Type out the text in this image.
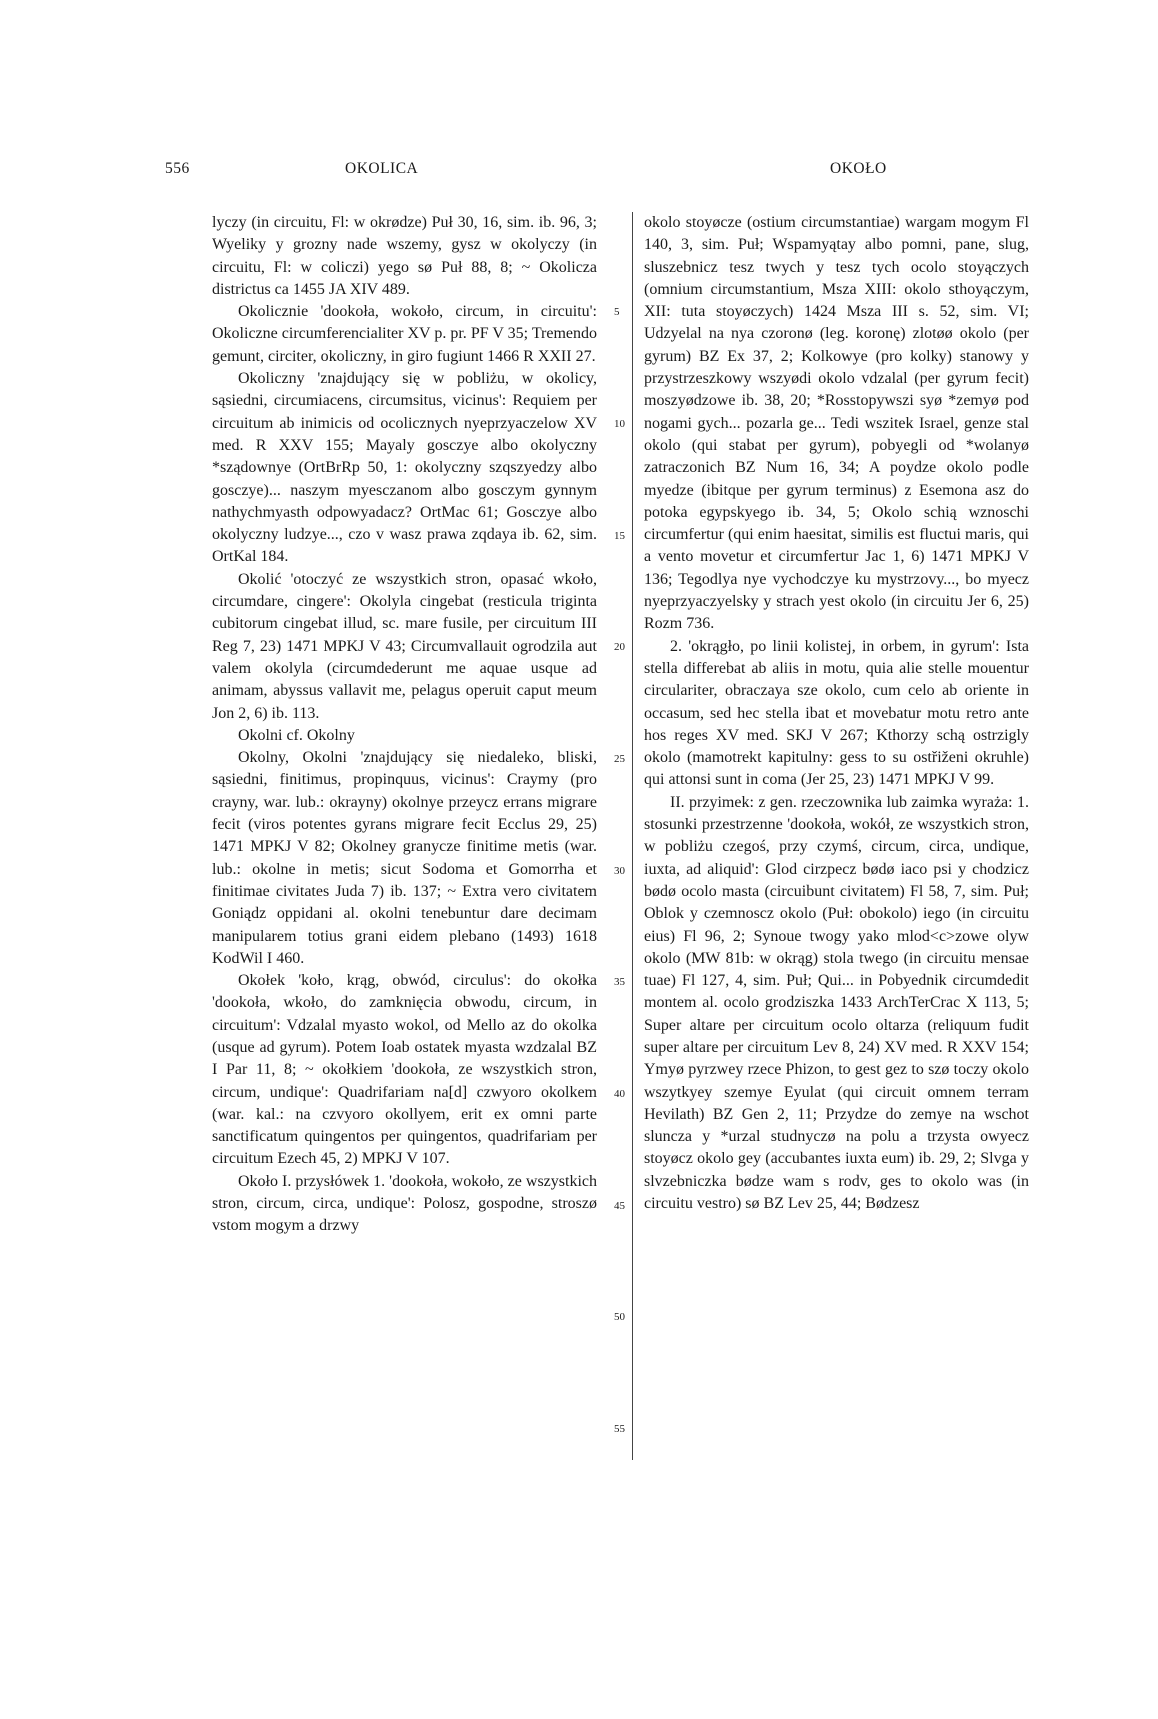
556	OKOLICA	OKOŁO

lyczy (in circuitu, Fl: w okrødze) Puł 30, 16, sim. ib. 96, 3; Wyeliky y grozny nade wszemy, gysz w okolyczy (in circuitu, Fl: w coliczi) yego sø Puł 88, 8; ~ Okolicza districtus ca 1455 JA XIV 489.

Okolicznie 'dookoła, wokoło, circum, in circuitu': Okoliczne circumferencialiter XV p. pr. PF V 35; Tremendo gemunt, circiter, okoliczny, in giro fugiunt 1466 R XXII 27.

Okoliczny 'znajdujący się w pobliżu, w okolicy, sąsiedni, circumiacens, circumsitus, vicinus': Requiem per circuitum ab inimicis od ocolicznych nyeprzyaczelow XV med. R XXV 155; Mayaly gosczye albo okolyczny *sządownye (OrtBrRp 50, 1: okolyczny szqszyedzy albo gosczye)... naszym myesczanom albo gosczym gynnym nathychmyasth odpowyadacz? OrtMac 61; Gosczye albo okolyczny ludzye..., czo v wasz prawa zqdaya ib. 62, sim. OrtKal 184.

Okolić 'otoczyć ze wszystkich stron, opasać wkoło, circumdare, cingere': Okolyla cingebat (resticula triginta cubitorum cingebat illud, sc. mare fusile, per circuitum III Reg 7, 23) 1471 MPKJ V 43; Circumvallauit ogrodzila aut valem okolyla (circumdederunt me aquae usque ad animam, abyssus vallavit me, pelagus operuit caput meum Jon 2, 6) ib. 113.

Okolni cf. Okolny

Okolny, Okolni 'znajdujący się niedaleko, bliski, sąsiedni, finitimus, propinquus, vicinus': Craymy (pro crayny, war. lub.: okrayny) okolnye przeycz errans migrare fecit (viros potentes gyrans migrare fecit Ecclus 29, 25) 1471 MPKJ V 82; Okolney granycze finitime metis (war. lub.: okolne in metis; sicut Sodoma et Gomorrha et finitimae civitates Juda 7) ib. 137; ~ Extra vero civitatem Goniądz oppidani al. okolni tenebuntur dare decimam manipularem totius grani eidem plebano (1493) 1618 KodWil I 460.

Okołek 'koło, krąg, obwód, circulus': do okołka 'dookoła, wkoło, do zamknięcia obwodu, circum, in circuitum': Vdzalal myasto wokol, od Mello az do okolka (usque ad gyrum). Potem Ioab ostatek myasta wzdzalal BZ I Par 11, 8; ~ okołkiem 'dookoła, ze wszystkich stron, circum, undique': Quadrifariam na[d] czwyoro okolkem (war. kal.: na czvyoro okollyem, erit ex omni parte sanctificatum quingentos per quingentos, quadrifariam per circuitum Ezech 45, 2) MPKJ V 107.

Około I. przysłówek 1. 'dookoła, wokoło, ze wszystkich stron, circum, circa, undique': Polosz, gospodne, stroszø vstom mogym a drzwy

5
10
15
20
25
30
35
40
45
50
55

okolo stoyøcze (ostium circumstantiae) wargam mogym Fl 140, 3, sim. Puł; Wspamyątay albo pomni, pane, slug, sluszebnicz tesz twych y tesz tych ocolo stoyączych (omnium circumstantium, Msza XIII: okolo sthoyączym, XII: tuta stoyøczych) 1424 Msza III s. 52, sim. VI; Udzyelal na nya czoronø (leg. koronę) zlotøø okolo (per gyrum) BZ Ex 37, 2; Kolkowye (pro kolky) stanowy y przystrzeszkowy wszyødi okolo vdzalal (per gyrum fecit) moszyødzowe ib. 38, 20; *Rosstopywszi syø *zemyø pod nogami gych... pozarla ge... Tedi wszitek Israel, genze stal okolo (qui stabat per gyrum), pobyegli od *wolanyø zatraczonich BZ Num 16, 34; A poydze okolo podle myedze (ibitque per gyrum terminus) z Esemona asz do potoka egypskyego ib. 34, 5; Okolo schią wznoschi circumfertur (qui enim haesitat, similis est fluctui maris, qui a vento movetur et circumfertur Jac 1, 6) 1471 MPKJ V 136; Tegodlya nye vychodczye ku mystrzovy..., bo myecz nyeprzyaczyelsky y strach yest okolo (in circuitu Jer 6, 25) Rozm 736.

2. 'okrągło, po linii kolistej, in orbem, in gyrum': Ista stella differebat ab aliis in motu, quia alie stelle mouentur circulariter, obraczaya sze okolo, cum celo ab oriente in occasum, sed hec stella ibat et movebatur motu retro ante hos reges XV med. SKJ V 267; Kthorzy schą ostrzigly okolo (mamotrekt kapitulny: gess to su ostřiženi okruhle) qui attonsi sunt in coma (Jer 25, 23) 1471 MPKJ V 99.

II. przyimek: z gen. rzeczownika lub zaimka wyraża: 1. stosunki przestrzenne 'dookoła, wokół, ze wszystkich stron, w pobliżu czegoś, przy czymś, circum, circa, undique, iuxta, ad aliquid': Glod cirzpecz bødø iaco psi y chodzicz bødø ocolo masta (circuibunt civitatem) Fl 58, 7, sim. Puł; Oblok y czemnoscz okolo (Puł: obokolo) iego (in circuitu eius) Fl 96, 2; Synoue twogy yako mlod<c>zowe olyw okolo (MW 81b: w okrąg) stola twego (in circuitu mensae tuae) Fl 127, 4, sim. Puł; Qui... in Pobyednik circumdedit montem al. ocolo grodziszka 1433 ArchTerCrac X 113, 5; Super altare per circuitum ocolo oltarza (reliquum fudit super altare per circuitum Lev 8, 24) XV med. R XXV 154; Ymyø pyrzwey rzece Phizon, to gest gez to szø toczy okolo wszytkyey szemye Eyulat (qui circuit omnem terram Hevilath) BZ Gen 2, 11; Przydze do zemye na wschot sluncza y *urzal studnyczø na polu a trzysta owyecz stoyøcz okolo gey (accubantes iuxta eum) ib. 29, 2; Slvga y slvzebniczka bødze wam s rodv, ges to okolo was (in circuitu vestro) sø BZ Lev 25, 44; Bødzesz
